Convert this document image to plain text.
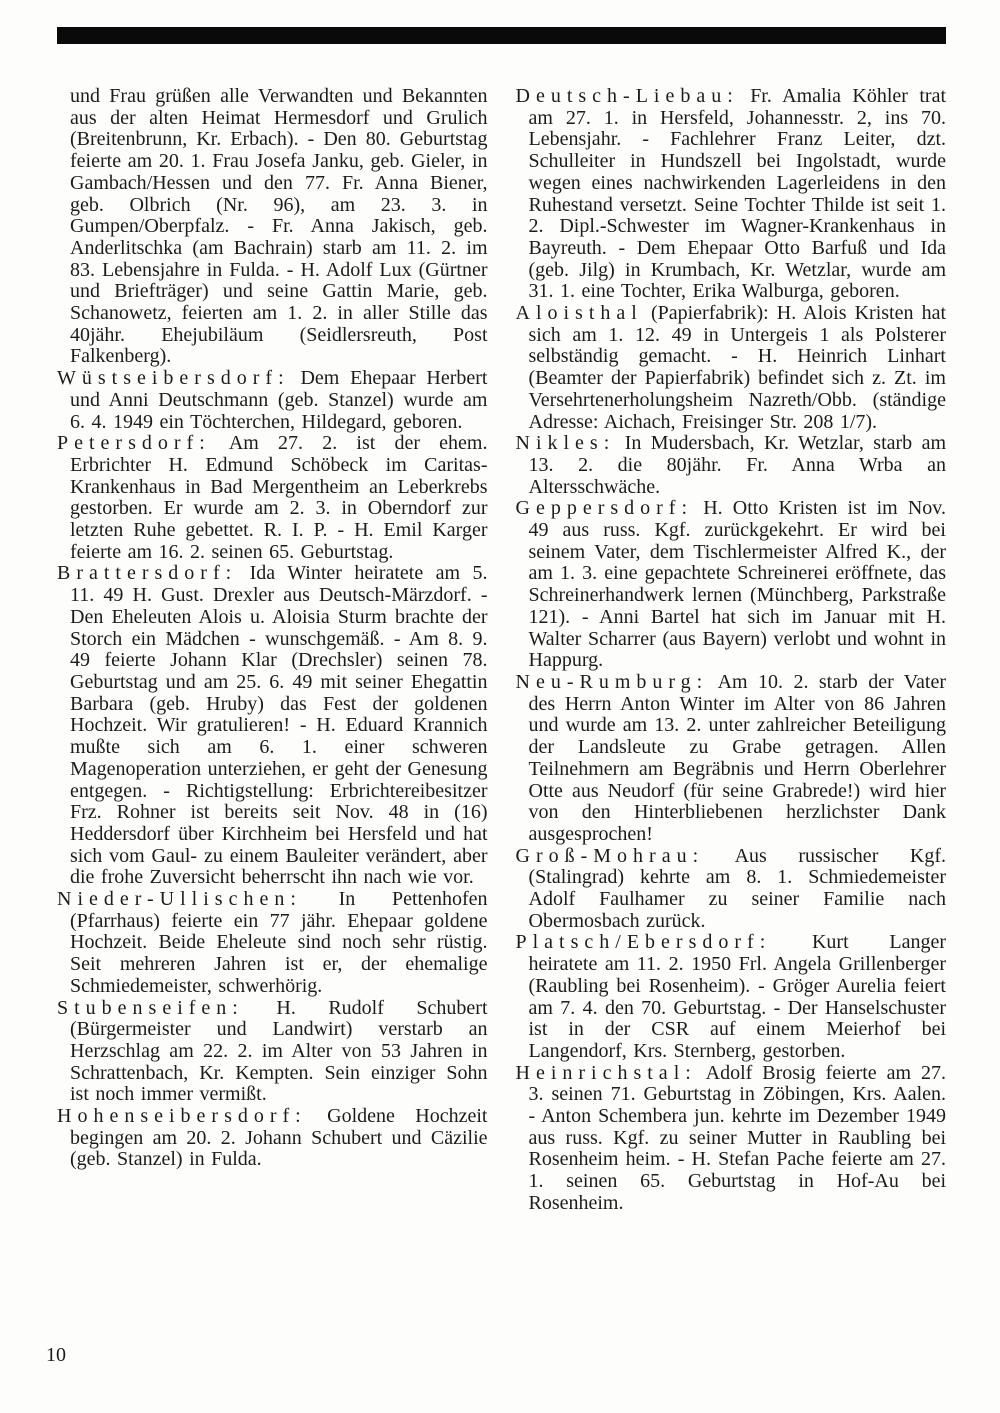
und Frau grüßen alle Verwandten und Bekannten aus der alten Heimat Hermesdorf und Grulich (Breitenbrunn, Kr. Erbach). - Den 80. Geburtstag feierte am 20. 1. Frau Josefa Janku, geb. Gieler, in Gambach/Hessen und den 77. Fr. Anna Biener, geb. Olbrich (Nr. 96), am 23. 3. in Gumpen/Oberpfalz. - Fr. Anna Jakisch, geb. Anderlitschka (am Bachrain) starb am 11. 2. im 83. Lebensjahre in Fulda. - H. Adolf Lux (Gürtner und Briefträger) und seine Gattin Marie, geb. Schanowetz, feierten am 1. 2. in aller Stille das 40jähr. Ehejubiläum (Seidlersreuth, Post Falkenberg).

Wüstseibersdorf: Dem Ehepaar Herbert und Anni Deutschmann (geb. Stanzel) wurde am 6. 4. 1949 ein Töchterchen, Hildegard, geboren.

Petersdorf: Am 27. 2. ist der ehem. Erbrichter H. Edmund Schöbeck im Caritas-Krankenhaus in Bad Mergentheim an Leberkrebs gestorben. Er wurde am 2. 3. in Oberndorf zur letzten Ruhe gebettet. R. I. P. - H. Emil Karger feierte am 16. 2. seinen 65. Geburtstag.

Brattersdorf: Ida Winter heiratete am 5. 11. 49 H. Gust. Drexler aus Deutsch-Märzdorf. - Den Eheleuten Alois u. Aloisia Sturm brachte der Storch ein Mädchen - wunschgemäß. - Am 8. 9. 49 feierte Johann Klar (Drechsler) seinen 78. Geburtstag und am 25. 6. 49 mit seiner Ehegattin Barbara (geb. Hruby) das Fest der goldenen Hochzeit. Wir gratulieren! - H. Eduard Krannich mußte sich am 6. 1. einer schweren Magenoperation unterziehen, er geht der Genesung entgegen. - Richtigstellung: Erbrichtereibesitzer Frz. Rohner ist bereits seit Nov. 48 in (16) Heddersdorf über Kirchheim bei Hersfeld und hat sich vom Gaul- zu einem Bauleiter verändert, aber die frohe Zuversicht beherrscht ihn nach wie vor.

Nieder-Ullischen: In Pettenhofen (Pfarrhaus) feierte ein 77 jähr. Ehepaar goldene Hochzeit. Beide Eheleute sind noch sehr rüstig. Seit mehreren Jahren ist er, der ehemalige Schmiedemeister, schwerhörig.

Stubenseifen: H. Rudolf Schubert (Bürgermeister und Landwirt) verstarb an Herzschlag am 22. 2. im Alter von 53 Jahren in Schrattenbach, Kr. Kempten. Sein einziger Sohn ist noch immer vermißt.

Hohenseibersdorf: Goldene Hochzeit begingen am 20. 2. Johann Schubert und Cäzilie (geb. Stanzel) in Fulda.

Deutsch-Liebau: Fr. Amalia Köhler trat am 27. 1. in Hersfeld, Johannesstr. 2, ins 70. Lebensjahr. - Fachlehrer Franz Leiter, dzt. Schulleiter in Hundszell bei Ingolstadt, wurde wegen eines nachwirkenden Lagerleidens in den Ruhestand versetzt. Seine Tochter Thilde ist seit 1. 2. Dipl.-Schwester im Wagner-Krankenhaus in Bayreuth. - Dem Ehepaar Otto Barfuß und Ida (geb. Jilg) in Krumbach, Kr. Wetzlar, wurde am 31. 1. eine Tochter, Erika Walburga, geboren.

Aloisthal (Papierfabrik): H. Alois Kristen hat sich am 1. 12. 49 in Untergeis 1 als Polsterer selbständig gemacht. - H. Heinrich Linhart (Beamter der Papierfabrik) befindet sich z. Zt. im Versehrtenerholungsheim Nazreth/Obb. (ständige Adresse: Aichach, Freisinger Str. 208 1/7).

Nikles: In Mudersbach, Kr. Wetzlar, starb am 13. 2. die 80jähr. Fr. Anna Wrba an Altersschwäche.

Geppersdorf: H. Otto Kristen ist im Nov. 49 aus russ. Kgf. zurückgekehrt. Er wird bei seinem Vater, dem Tischlermeister Alfred K., der am 1. 3. eine gepachtete Schreinerei eröffnete, das Schreinerhandwerk lernen (Münchberg, Parkstraße 121). - Anni Bartel hat sich im Januar mit H. Walter Scharrer (aus Bayern) verlobt und wohnt in Happurg.

Neu-Rumburg: Am 10. 2. starb der Vater des Herrn Anton Winter im Alter von 86 Jahren und wurde am 13. 2. unter zahlreicher Beteiligung der Landsleute zu Grabe getragen. Allen Teilnehmern am Begräbnis und Herrn Oberlehrer Otte aus Neudorf (für seine Grabrede!) wird hier von den Hinterbliebenen herzlichster Dank ausgesprochen!

Groß-Mohrau: Aus russischer Kgf. (Stalingrad) kehrte am 8. 1. Schmiedemeister Adolf Faulhamer zu seiner Familie nach Obermosbach zurück.

Platsch/Ebersdorf: Kurt Langer heiratete am 11. 2. 1950 Frl. Angela Grillenberger (Raubling bei Rosenheim). - Gröger Aurelia feiert am 7. 4. den 70. Geburtstag. - Der Hanselschuster ist in der CSR auf einem Meierhof bei Langendorf, Krs. Sternberg, gestorben.

Heinrichstal: Adolf Brosig feierte am 27. 3. seinen 71. Geburtstag in Zöbingen, Krs. Aalen. - Anton Schembera jun. kehrte im Dezember 1949 aus russ. Kgf. zu seiner Mutter in Raubling bei Rosenheim heim. - H. Stefan Pache feierte am 27. 1. seinen 65. Geburtstag in Hof-Au bei Rosenheim.

10
